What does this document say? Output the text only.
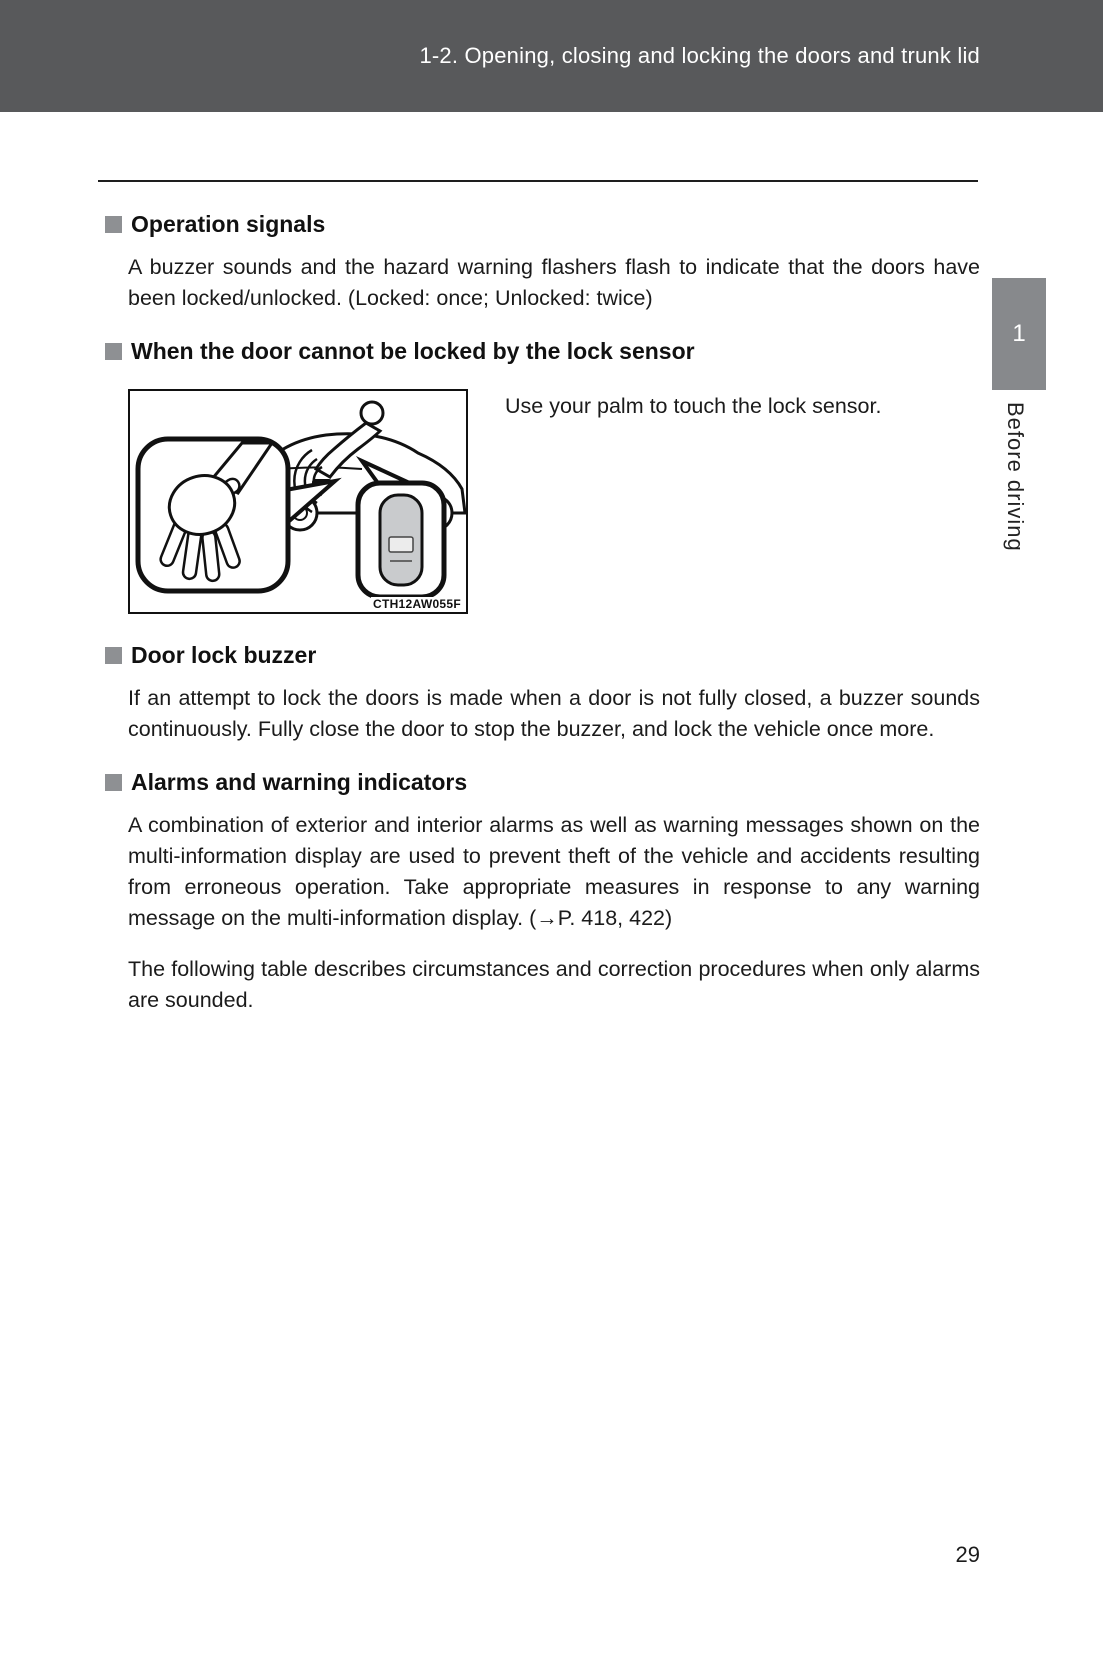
1-2. Opening, closing and locking the doors and trunk lid
1
Before driving
Operation signals

A buzzer sounds and the hazard warning flashers flash to indicate that the doors have been locked/unlocked. (Locked: once; Unlocked: twice)

When the door cannot be locked by the lock sensor
CTH12AW055F
Use your palm to touch the lock sensor.
Door lock buzzer

If an attempt to lock the doors is made when a door is not fully closed, a buzzer sounds continuously. Fully close the door to stop the buzzer, and lock the vehicle once more.

Alarms and warning indicators

A combination of exterior and interior alarms as well as warning messages shown on the multi-information display are used to prevent theft of the vehicle and accidents resulting from erroneous operation. Take appropriate measures in response to any warning message on the multi-information display. (→P. 418, 422)

The following table describes circumstances and correction procedures when only alarms are sounded.

29
